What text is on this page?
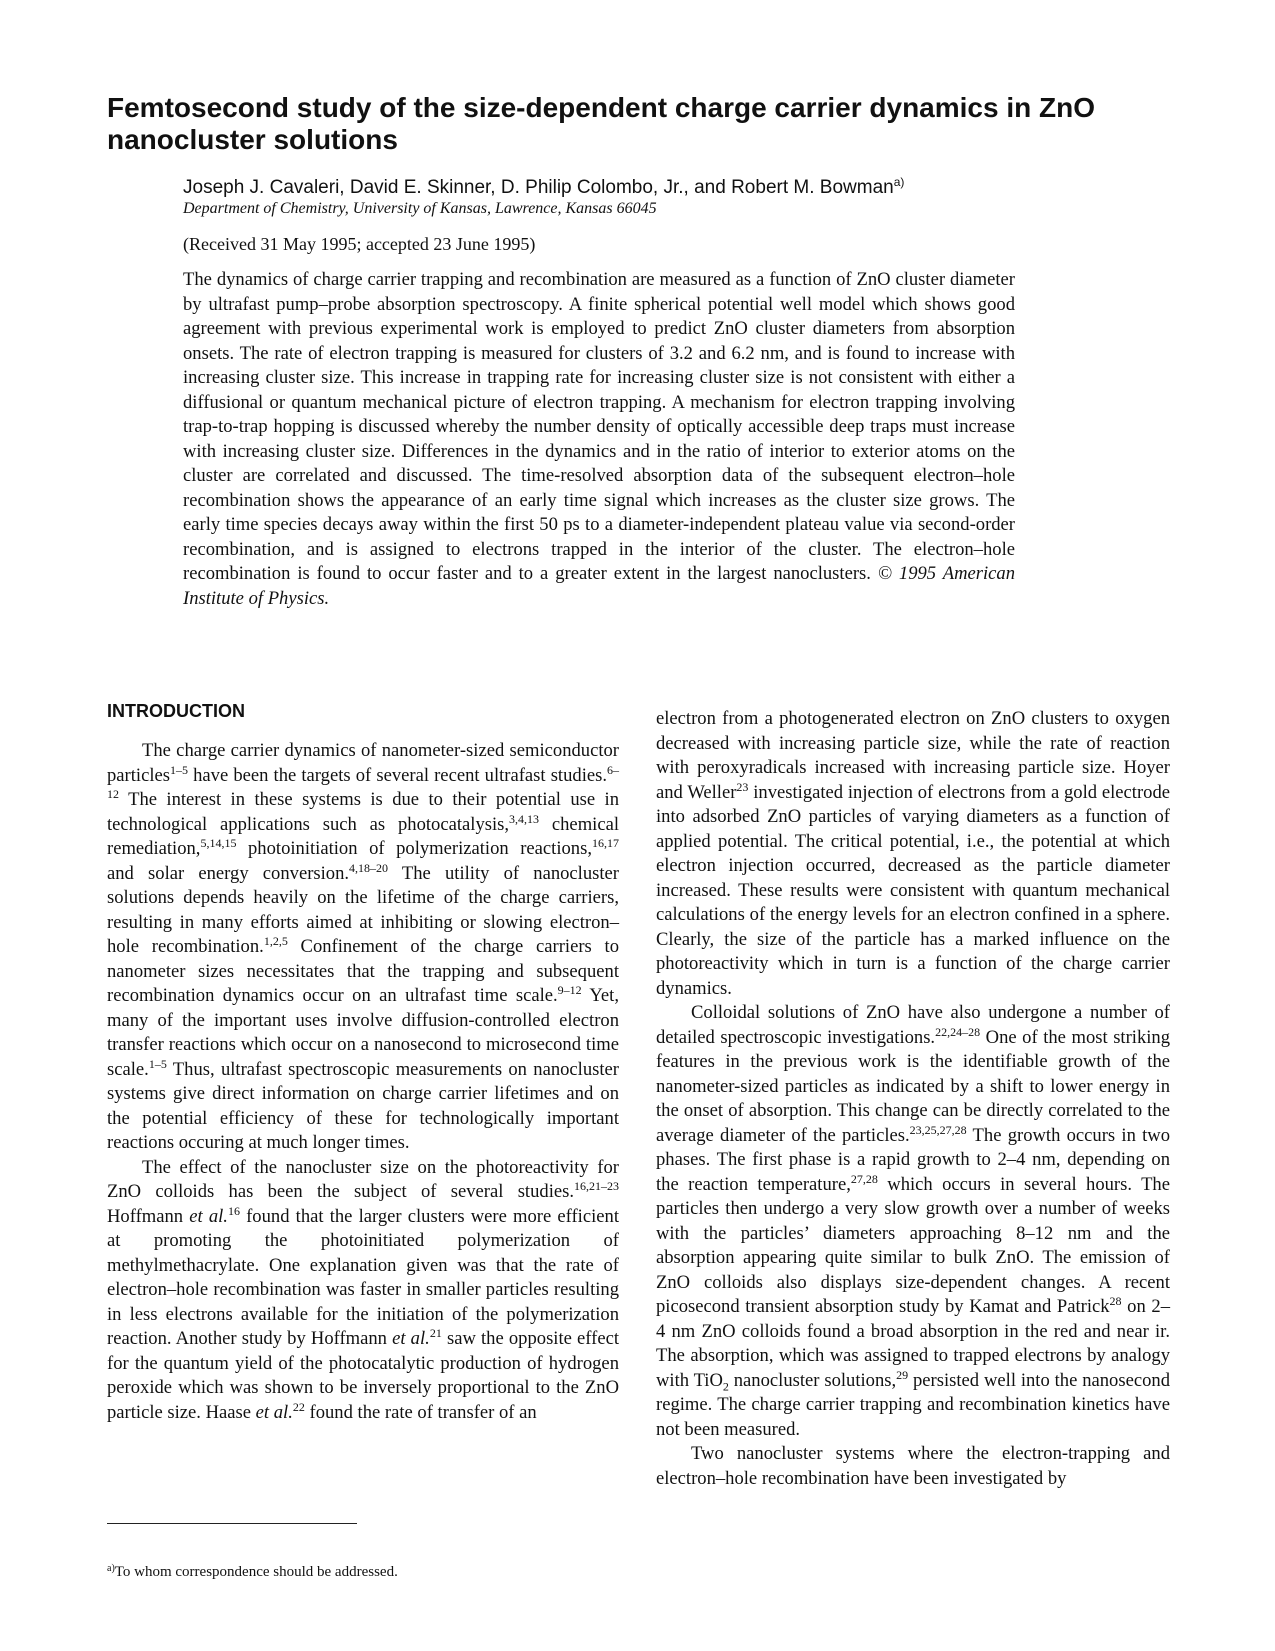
Femtosecond study of the size-dependent charge carrier dynamics in ZnO nanocluster solutions
Joseph J. Cavaleri, David E. Skinner, D. Philip Colombo, Jr., and Robert M. Bowman$^{a)}$
Department of Chemistry, University of Kansas, Lawrence, Kansas 66045
(Received 31 May 1995; accepted 23 June 1995)

The dynamics of charge carrier trapping and recombination are measured as a function of ZnO cluster diameter by ultrafast pump–probe absorption spectroscopy. A finite spherical potential well model which shows good agreement with previous experimental work is employed to predict ZnO cluster diameters from absorption onsets. The rate of electron trapping is measured for clusters of 3.2 and 6.2 nm, and is found to increase with increasing cluster size. This increase in trapping rate for increasing cluster size is not consistent with either a diffusional or quantum mechanical picture of electron trapping. A mechanism for electron trapping involving trap-to-trap hopping is discussed whereby the number density of optically accessible deep traps must increase with increasing cluster size. Differences in the dynamics and in the ratio of interior to exterior atoms on the cluster are correlated and discussed. The time-resolved absorption data of the subsequent electron–hole recombination shows the appearance of an early time signal which increases as the cluster size grows. The early time species decays away within the first 50 ps to a diameter-independent plateau value via second-order recombination, and is assigned to electrons trapped in the interior of the cluster. The electron–hole recombination is found to occur faster and to a greater extent in the largest nanoclusters. © 1995 American Institute of Physics.

INTRODUCTION

The charge carrier dynamics of nanometer-sized semiconductor particles$^{1-5}$ have been the targets of several recent ultrafast studies.$^{6-12}$ The interest in these systems is due to their potential use in technological applications such as photocatalysis,$^{3,4,13}$ chemical remediation,$^{5,14,15}$ photoinitiation of polymerization reactions,$^{16,17}$ and solar energy conversion.$^{4,18-20}$ The utility of nanocluster solutions depends heavily on the lifetime of the charge carriers, resulting in many efforts aimed at inhibiting or slowing electron–hole recombination.$^{1,2,5}$ Confinement of the charge carriers to nanometer sizes necessitates that the trapping and subsequent recombination dynamics occur on an ultrafast time scale.$^{9-12}$ Yet, many of the important uses involve diffusion-controlled electron transfer reactions which occur on a nanosecond to microsecond time scale.$^{1-5}$ Thus, ultrafast spectroscopic measurements on nanocluster systems give direct information on charge carrier lifetimes and on the potential efficiency of these for technologically important reactions occuring at much longer times.

The effect of the nanocluster size on the photoreactivity for ZnO colloids has been the subject of several studies.$^{16,21-23}$ Hoffmann et al.$^{16}$ found that the larger clusters were more efficient at promoting the photoinitiated polymerization of methylmethacrylate. One explanation given was that the rate of electron–hole recombination was faster in smaller particles resulting in less electrons available for the initiation of the polymerization reaction. Another study by Hoffmann et al.$^{21}$ saw the opposite effect for the quantum yield of the photocatalytic production of hydrogen peroxide which was shown to be inversely proportional to the ZnO particle size. Haase et al.$^{22}$ found the rate of transfer of an

electron from a photogenerated electron on ZnO clusters to oxygen decreased with increasing particle size, while the rate of reaction with peroxyradicals increased with increasing particle size. Hoyer and Weller$^{23}$ investigated injection of electrons from a gold electrode into adsorbed ZnO particles of varying diameters as a function of applied potential. The critical potential, i.e., the potential at which electron injection occurred, decreased as the particle diameter increased. These results were consistent with quantum mechanical calculations of the energy levels for an electron confined in a sphere. Clearly, the size of the particle has a marked influence on the photoreactivity which in turn is a function of the charge carrier dynamics.

Colloidal solutions of ZnO have also undergone a number of detailed spectroscopic investigations.$^{22,24-28}$ One of the most striking features in the previous work is the identifiable growth of the nanometer-sized particles as indicated by a shift to lower energy in the onset of absorption. This change can be directly correlated to the average diameter of the particles.$^{23,25,27,28}$ The growth occurs in two phases. The first phase is a rapid growth to 2–4 nm, depending on the reaction temperature,$^{27,28}$ which occurs in several hours. The particles then undergo a very slow growth over a number of weeks with the particles’ diameters approaching 8–12 nm and the absorption appearing quite similar to bulk ZnO. The emission of ZnO colloids also displays size-dependent changes. A recent picosecond transient absorption study by Kamat and Patrick$^{28}$ on 2–4 nm ZnO colloids found a broad absorption in the red and near ir. The absorption, which was assigned to trapped electrons by analogy with TiO$_2$ nanocluster solutions,$^{29}$ persisted well into the nanosecond regime. The charge carrier trapping and recombination kinetics have not been measured.

Two nanocluster systems where the electron-trapping and electron–hole recombination have been investigated by

$^{a)}$To whom correspondence should be addressed.
